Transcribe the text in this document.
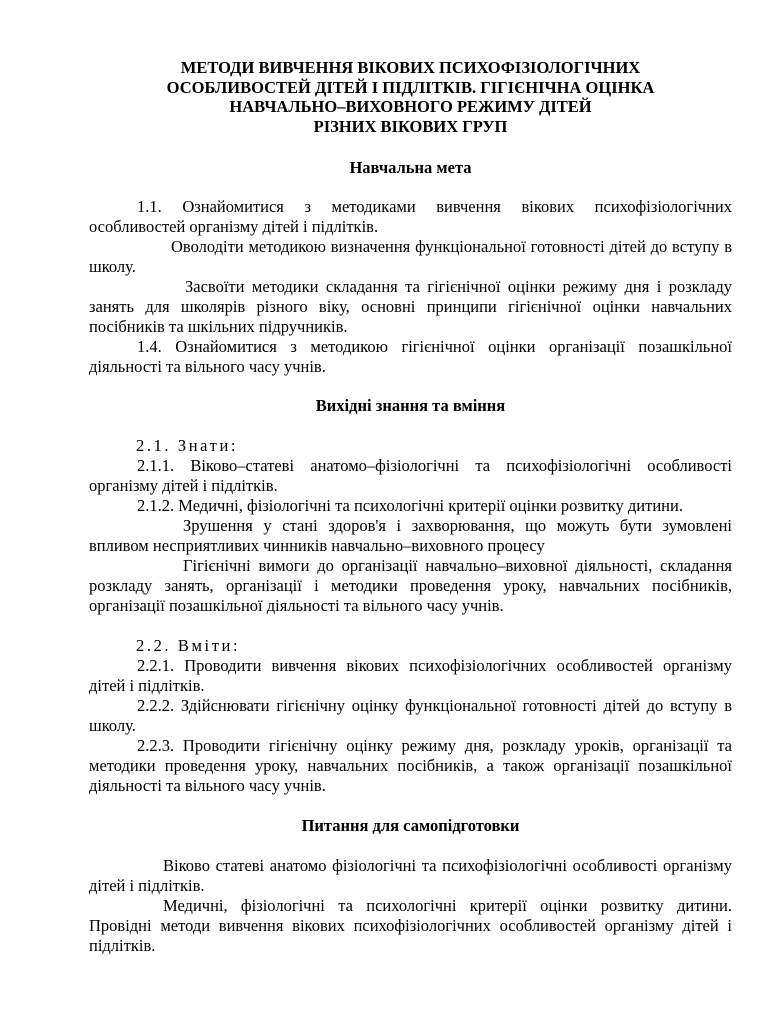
МЕТОДИ ВИВЧЕННЯ ВІКОВИХ ПСИХОФІЗІОЛОГІЧНИХ
ОСОБЛИВОСТЕЙ ДІТЕЙ І ПІДЛІТКІВ. ГІГІЄНІЧНА ОЦІНКА
НАВЧАЛЬНО–ВИХОВНОГО РЕЖИМУ ДІТЕЙ
РІЗНИХ ВІКОВИХ ГРУП

Навчальна мета

1.1. Ознайомитися з методиками вивчення вікових психофізіологічних особливостей організму дітей і підлітків.

Оволодіти методикою визначення функціональної готовності дітей до вступу в школу.

Засвоїти методики складання та гігієнічної оцінки режиму дня і розкладу занять для школярів різного віку, основні принципи гігієнічної оцінки навчальних посібників та шкільних підручників.

1.4. Ознайомитися з методикою гігієнічної оцінки організації позашкільної діяльності та вільного часу учнів.

Вихідні знання та вміння

2.1. Знати:

2.1.1. Віково–статеві анатомо–фізіологічні та психофізіологічні особливості організму дітей і підлітків.

2.1.2. Медичні, фізіологічні та психологічні критерії оцінки розвитку дитини.

Зрушення у стані здоров'я і захворювання, що можуть бути зумовлені впливом несприятливих чинників навчально–виховного процесу

Гігієнічні вимоги до організації навчально–виховної діяльності, складання розкладу занять, організації і методики проведення уроку, навчальних посібників, організації позашкільної діяльності та вільного часу учнів.

2.2. Вміти:

2.2.1. Проводити вивчення вікових психофізіологічних особливостей організму дітей і підлітків.

2.2.2. Здійснювати гігієнічну оцінку функціональної готовності дітей до вступу в школу.

2.2.3. Проводити гігієнічну оцінку режиму дня, розкладу уроків, організації та методики проведення уроку, навчальних посібників, а також організації позашкільної діяльності та вільного часу учнів.

Питання для самопідготовки

Віково статеві анатомо фізіологічні та психофізіологічні особливості організму дітей і підлітків.

Медичні, фізіологічні та психологічні критерії оцінки розвитку дитини. Провідні методи вивчення вікових психофізіологічних особливостей організму дітей і підлітків.
